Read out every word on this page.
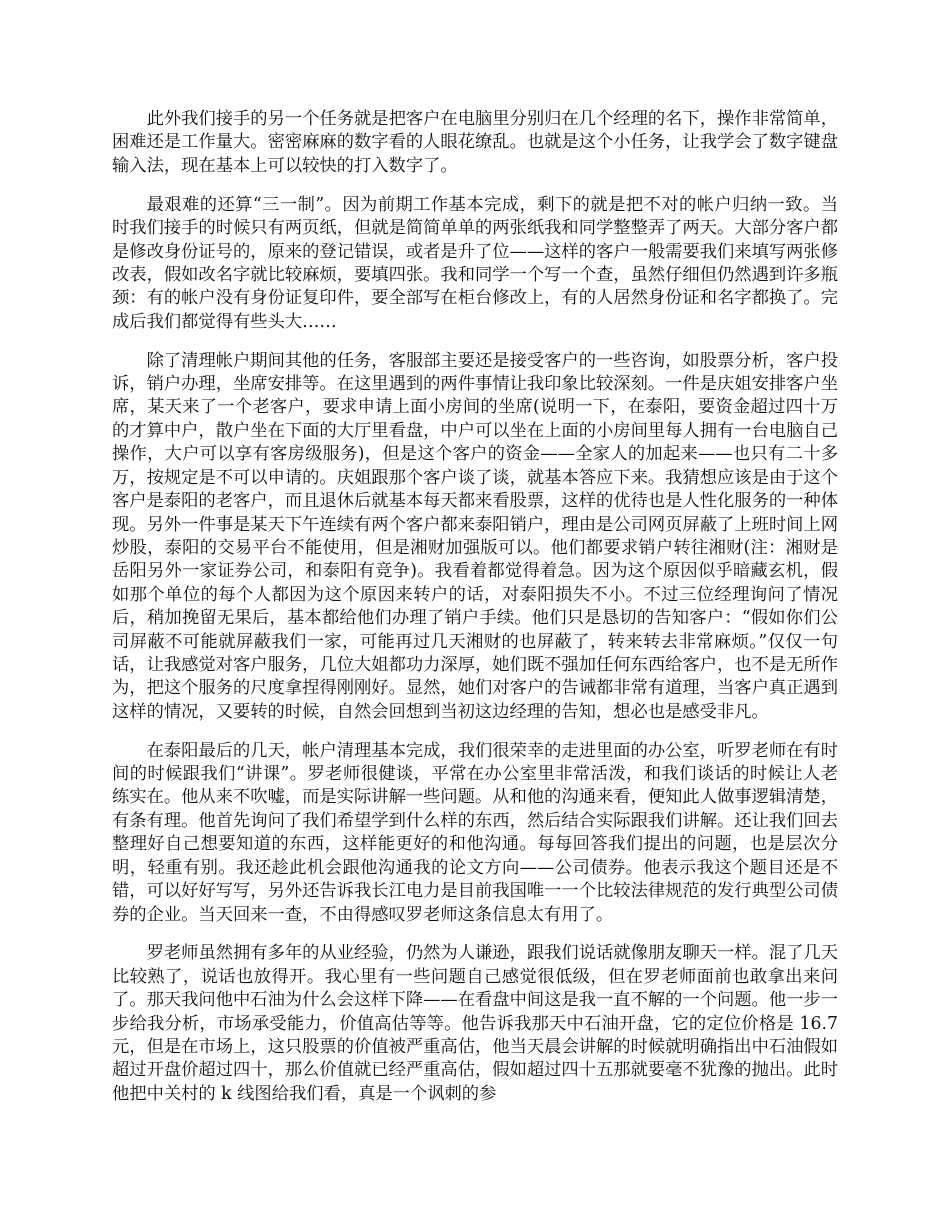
此外我们接手的另一个任务就是把客户在电脑里分别归在几个经理的名下，操作非常简单，困难还是工作量大。密密麻麻的数字看的人眼花缭乱。也就是这个小任务，让我学会了数字键盘输入法，现在基本上可以较快的打入数字了。

最艰难的还算“三一制”。因为前期工作基本完成，剩下的就是把不对的帐户归纳一致。当时我们接手的时候只有两页纸，但就是简简单单的两张纸我和同学整整弄了两天。大部分客户都是修改身份证号的，原来的登记错误，或者是升了位——这样的客户一般需要我们来填写两张修改表，假如改名字就比较麻烦，要填四张。我和同学一个写一个查，虽然仔细但仍然遇到许多瓶颈：有的帐户没有身份证复印件，要全部写在柜台修改上，有的人居然身份证和名字都换了。完成后我们都觉得有些头大……

除了清理帐户期间其他的任务，客服部主要还是接受客户的一些咨询，如股票分析，客户投诉，销户办理，坐席安排等。在这里遇到的两件事情让我印象比较深刻。一件是庆姐安排客户坐席，某天来了一个老客户，要求申请上面小房间的坐席(说明一下，在泰阳，要资金超过四十万的才算中户，散户坐在下面的大厅里看盘，中户可以坐在上面的小房间里每人拥有一台电脑自己操作，大户可以享有客房级服务)，但是这个客户的资金——全家人的加起来——也只有二十多万，按规定是不可以申请的。庆姐跟那个客户谈了谈，就基本答应下来。我猜想应该是由于这个客户是泰阳的老客户，而且退休后就基本每天都来看股票，这样的优待也是人性化服务的一种体现。另外一件事是某天下午连续有两个客户都来泰阳销户，理由是公司网页屏蔽了上班时间上网炒股，泰阳的交易平台不能使用，但是湘财加强版可以。他们都要求销户转往湘财(注：湘财是岳阳另外一家证券公司，和泰阳有竞争)。我看着都觉得着急。因为这个原因似乎暗藏玄机，假如那个单位的每个人都因为这个原因来转户的话，对泰阳损失不小。不过三位经理询问了情况后，稍加挽留无果后，基本都给他们办理了销户手续。他们只是恳切的告知客户：“假如你们公司屏蔽不可能就屏蔽我们一家，可能再过几天湘财的也屏蔽了，转来转去非常麻烦。”仅仅一句话，让我感觉对客户服务，几位大姐都功力深厚，她们既不强加任何东西给客户，也不是无所作为，把这个服务的尺度拿捏得刚刚好。显然，她们对客户的告诫都非常有道理，当客户真正遇到这样的情况，又要转的时候，自然会回想到当初这边经理的告知，想必也是感受非凡。

在泰阳最后的几天，帐户清理基本完成，我们很荣幸的走进里面的办公室，听罗老师在有时间的时候跟我们“讲课”。罗老师很健谈，平常在办公室里非常活泼，和我们谈话的时候让人老练实在。他从来不吹嘘，而是实际讲解一些问题。从和他的沟通来看，便知此人做事逻辑清楚，有条有理。他首先询问了我们希望学到什么样的东西，然后结合实际跟我们讲解。还让我们回去整理好自己想要知道的东西，这样能更好的和他沟通。每每回答我们提出的问题，也是层次分明，轻重有别。我还趁此机会跟他沟通我的论文方向——公司债券。他表示我这个题目还是不错，可以好好写写，另外还告诉我长江电力是目前我国唯一一个比较法律规范的发行典型公司债券的企业。当天回来一查，不由得感叹罗老师这条信息太有用了。

罗老师虽然拥有多年的从业经验，仍然为人谦逊，跟我们说话就像朋友聊天一样。混了几天比较熟了，说话也放得开。我心里有一些问题自己感觉很低级，但在罗老师面前也敢拿出来问了。那天我问他中石油为什么会这样下降——在看盘中间这是我一直不解的一个问题。他一步一步给我分析，市场承受能力，价值高估等等。他告诉我那天中石油开盘，它的定位价格是 16.7 元，但是在市场上，这只股票的价值被严重高估，他当天晨会讲解的时候就明确指出中石油假如超过开盘价超过四十，那么价值就已经严重高估，假如超过四十五那就要毫不犹豫的抛出。此时他把中关村的 k 线图给我们看，真是一个讽刺的参
